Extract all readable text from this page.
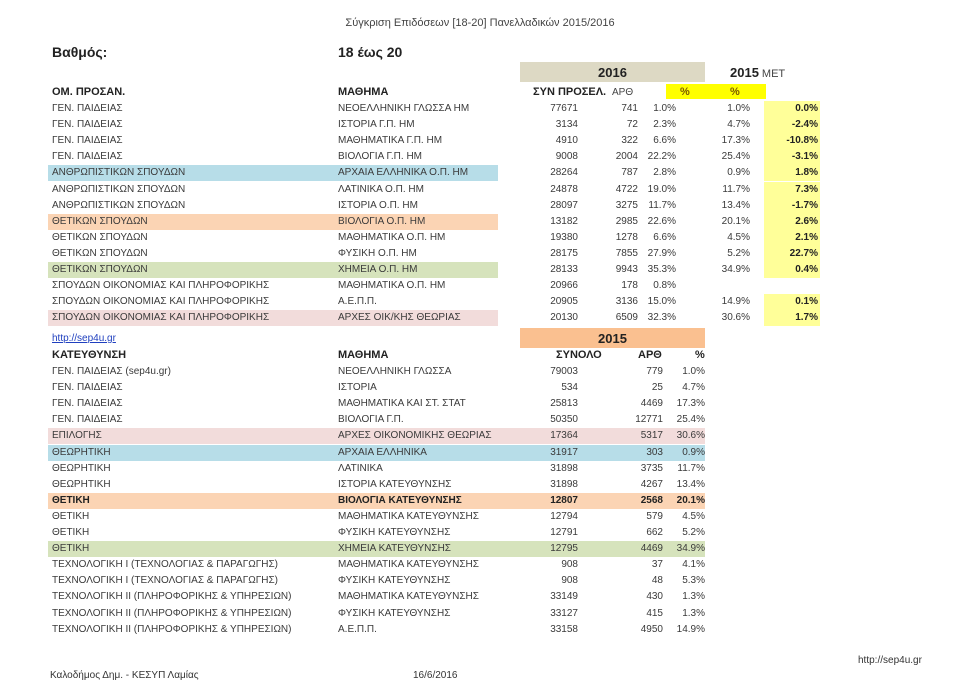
Σύγκριση Επιδόσεων [18-20] Πανελλαδικών 2015/2016
Βαθμός:	18 έως 20
2016	2015 ΜΕΤ
ΟΜ. ΠΡΟΣΑΝ.	ΜΑΘΗΜΑ	ΣΥΝ ΠΡΟΣΕΛ. ΑΡΘ	%	%
ΓΕΝ. ΠΑΙΔΕΙΑΣ	ΝΕΟΕΛΛΗΝΙΚΗ ΓΛΩΣΣΑ ΗΜ	77671	741	1.0%	1.0%	0.0%
ΓΕΝ. ΠΑΙΔΕΙΑΣ	ΙΣΤΟΡΙΑ Γ.Π. ΗΜ	3134	72	2.3%	4.7%	-2.4%
ΓΕΝ. ΠΑΙΔΕΙΑΣ	ΜΑΘΗΜΑΤΙΚΑ Γ.Π. ΗΜ	4910	322	6.6%	17.3%	-10.8%
ΓΕΝ. ΠΑΙΔΕΙΑΣ	ΒΙΟΛΟΓΙΑ Γ.Π. ΗΜ	9008	2004 22.2%	25.4%	-3.1%
ΑΝΘΡΩΠΙΣΤΙΚΩΝ ΣΠΟΥΔΩΝ	ΑΡΧΑΙΑ ΕΛΛΗΝΙΚΑ Ο.Π. ΗΜ	28264	787	2.8%	0.9%	1.8%
ΑΝΘΡΩΠΙΣΤΙΚΩΝ ΣΠΟΥΔΩΝ	ΛΑΤΙΝΙΚΑ Ο.Π. ΗΜ	24878	4722 19.0%	11.7%	7.3%
ΑΝΘΡΩΠΙΣΤΙΚΩΝ ΣΠΟΥΔΩΝ	ΙΣΤΟΡΙΑ Ο.Π. ΗΜ	28097	3275	11.7%	13.4%	-1.7%
ΘΕΤΙΚΩΝ ΣΠΟΥΔΩΝ	ΒΙΟΛΟΓΙΑ Ο.Π. ΗΜ	13182	2985 22.6%	20.1%	2.6%
ΘΕΤΙΚΩΝ ΣΠΟΥΔΩΝ	ΜΑΘΗΜΑΤΙΚΑ Ο.Π. ΗΜ	19380	1278	6.6%	4.5%	2.1%
ΘΕΤΙΚΩΝ ΣΠΟΥΔΩΝ	ΦΥΣΙΚΗ Ο.Π. ΗΜ	28175	7855 27.9%	5.2%	22.7%
ΘΕΤΙΚΩΝ ΣΠΟΥΔΩΝ	ΧΗΜΕΙΑ Ο.Π. ΗΜ	28133	9943 35.3%	34.9%	0.4%
ΣΠΟΥΔΩΝ ΟΙΚΟΝΟΜΙΑΣ ΚΑΙ ΠΛΗΡΟΦΟΡΙΚΗΣ	ΜΑΘΗΜΑΤΙΚΑ Ο.Π. ΗΜ	20966	178	0.8%
ΣΠΟΥΔΩΝ ΟΙΚΟΝΟΜΙΑΣ ΚΑΙ ΠΛΗΡΟΦΟΡΙΚΗΣ	Α.Ε.Π.Π.	20905	3136 15.0%	14.9%	0.1%
ΣΠΟΥΔΩΝ ΟΙΚΟΝΟΜΙΑΣ ΚΑΙ ΠΛΗΡΟΦΟΡΙΚΗΣ	ΑΡΧΕΣ ΟΙΚ/ΚΗΣ ΘΕΩΡΙΑΣ	20130	6509 32.3%	30.6%	1.7%
http://sep4u.gr	2015
ΚΑΤΕΥΘΥΝΣΗ	ΜΑΘΗΜΑ	ΣΥΝΟΛΟ	ΑΡΘ	%
ΓΕΝ. ΠΑΙΔΕΙΑΣ (sep4u.gr)	ΝΕΟΕΛΛΗΝΙΚΗ ΓΛΩΣΣΑ	79003	779	1.0%
ΓΕΝ. ΠΑΙΔΕΙΑΣ	ΙΣΤΟΡΙΑ	534	25	4.7%
ΓΕΝ. ΠΑΙΔΕΙΑΣ	ΜΑΘΗΜΑΤΙΚΑ ΚΑΙ ΣΤ. ΣΤΑΤ	25813	4469	17.3%
ΓΕΝ. ΠΑΙΔΕΙΑΣ	ΒΙΟΛΟΓΙΑ Γ.Π.	50350	12771	25.4%
ΕΠΙΛΟΓΗΣ	ΑΡΧΕΣ ΟΙΚΟΝΟΜΙΚΗΣ ΘΕΩΡΙΑΣ	17364	5317	30.6%
ΘΕΩΡΗΤΙΚΗ	ΑΡΧΑΙΑ ΕΛΛΗΝΙΚΑ	31917	303	0.9%
ΘΕΩΡΗΤΙΚΗ	ΛΑΤΙΝΙΚΑ	31898	3735	11.7%
ΘΕΩΡΗΤΙΚΗ	ΙΣΤΟΡΙΑ ΚΑΤΕΥΘΥΝΣΗΣ	31898	4267	13.4%
ΘΕΤΙΚΗ	ΒΙΟΛΟΓΙΑ ΚΑΤΕΥΘΥΝΣΗΣ	12807	2568	20.1%
ΘΕΤΙΚΗ	ΜΑΘΗΜΑΤΙΚΑ ΚΑΤΕΥΘΥΝΣΗΣ	12794	579	4.5%
ΘΕΤΙΚΗ	ΦΥΣΙΚΗ ΚΑΤΕΥΘΥΝΣΗΣ	12791	662	5.2%
ΘΕΤΙΚΗ	ΧΗΜΕΙΑ ΚΑΤΕΥΘΥΝΣΗΣ	12795	4469	34.9%
ΤΕΧΝΟΛΟΓΙΚΗ Ι (ΤΕΧΝΟΛΟΓΙΑΣ & ΠΑΡΑΓΩΓΗΣ)	ΜΑΘΗΜΑΤΙΚΑ ΚΑΤΕΥΘΥΝΣΗΣ	908	37	4.1%
ΤΕΧΝΟΛΟΓΙΚΗ Ι (ΤΕΧΝΟΛΟΓΙΑΣ & ΠΑΡΑΓΩΓΗΣ)	ΦΥΣΙΚΗ ΚΑΤΕΥΘΥΝΣΗΣ	908	48	5.3%
ΤΕΧΝΟΛΟΓΙΚΗ ΙΙ (ΠΛΗΡΟΦΟΡΙΚΗΣ & ΥΠΗΡΕΣΙΩΝ)	ΜΑΘΗΜΑΤΙΚΑ ΚΑΤΕΥΘΥΝΣΗΣ	33149	430	1.3%
ΤΕΧΝΟΛΟΓΙΚΗ ΙΙ (ΠΛΗΡΟΦΟΡΙΚΗΣ & ΥΠΗΡΕΣΙΩΝ)	ΦΥΣΙΚΗ ΚΑΤΕΥΘΥΝΣΗΣ	33127	415	1.3%
ΤΕΧΝΟΛΟΓΙΚΗ ΙΙ (ΠΛΗΡΟΦΟΡΙΚΗΣ & ΥΠΗΡΕΣΙΩΝ)	Α.Ε.Π.Π.	33158	4950	14.9%
Καλοδήμος Δημ. - ΚΕΣΥΠ Λαμίας	16/6/2016
http://sep4u.gr
